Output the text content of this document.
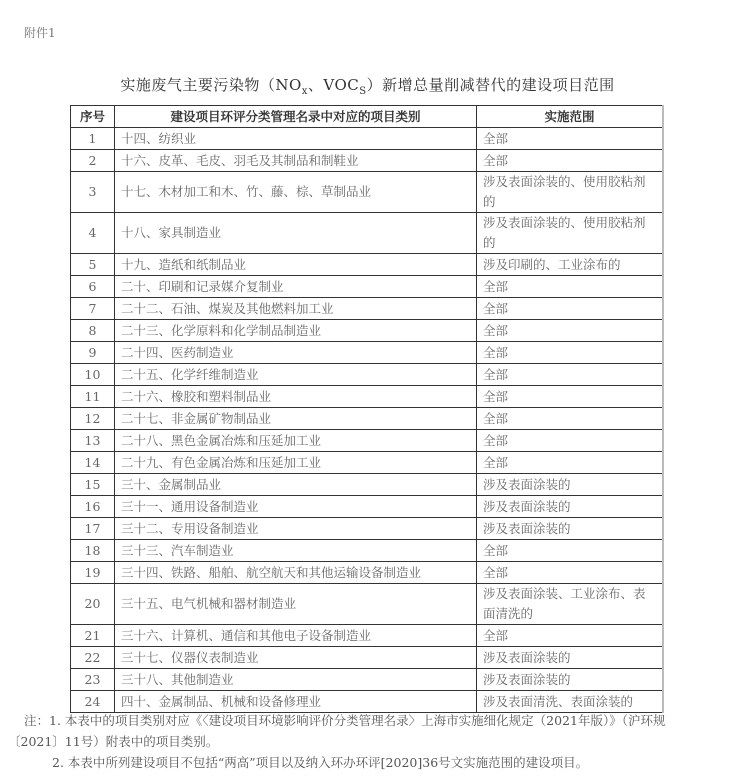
附件1
实施废气主要污染物（$NO_x$、$VOC_S$）新增总量削减替代的建设项目范围
序号	建设项目环评分类管理名录中对应的项目类别	实施范围
1	十四、纺织业	全部
2	十六、皮革、毛皮、羽毛及其制品和制鞋业	全部
3	十七、木材加工和木、竹、藤、棕、草制品业	涉及表面涂装的、使用胶粘剂的
4	十八、家具制造业	涉及表面涂装的、使用胶粘剂的
5	十九、造纸和纸制品业	涉及印刷的、工业涂布的
6	二十、印刷和记录媒介复制业	全部
7	二十二、石油、煤炭及其他燃料加工业	全部
8	二十三、化学原料和化学制品制造业	全部
9	二十四、医药制造业	全部
10	二十五、化学纤维制造业	全部
11	二十六、橡胶和塑料制品业	全部
12	二十七、非金属矿物制品业	全部
13	二十八、黑色金属冶炼和压延加工业	全部
14	二十九、有色金属冶炼和压延加工业	全部
15	三十、金属制品业	涉及表面涂装的
16	三十一、通用设备制造业	涉及表面涂装的
17	三十二、专用设备制造业	涉及表面涂装的
18	三十三、汽车制造业	全部
19	三十四、铁路、船舶、航空航天和其他运输设备制造业	全部
20	三十五、电气机械和器材制造业	涉及表面涂装、工业涂布、表面清洗的
21	三十六、计算机、通信和其他电子设备制造业	全部
22	三十七、仪器仪表制造业	涉及表面涂装的
23	三十八、其他制造业	涉及表面涂装的
24	四十、金属制品、机械和设备修理业	涉及表面清洗、表面涂装的
注：1. 本表中的项目类别对应《〈建设项目环境影响评价分类管理名录〉上海市实施细化规定（2021年版）》（沪环规
〔2021〕11号）附表中的项目类别。
2. 本表中所列建设项目不包括“两高”项目以及纳入环办环评[2020]36号文实施范围的建设项目。
